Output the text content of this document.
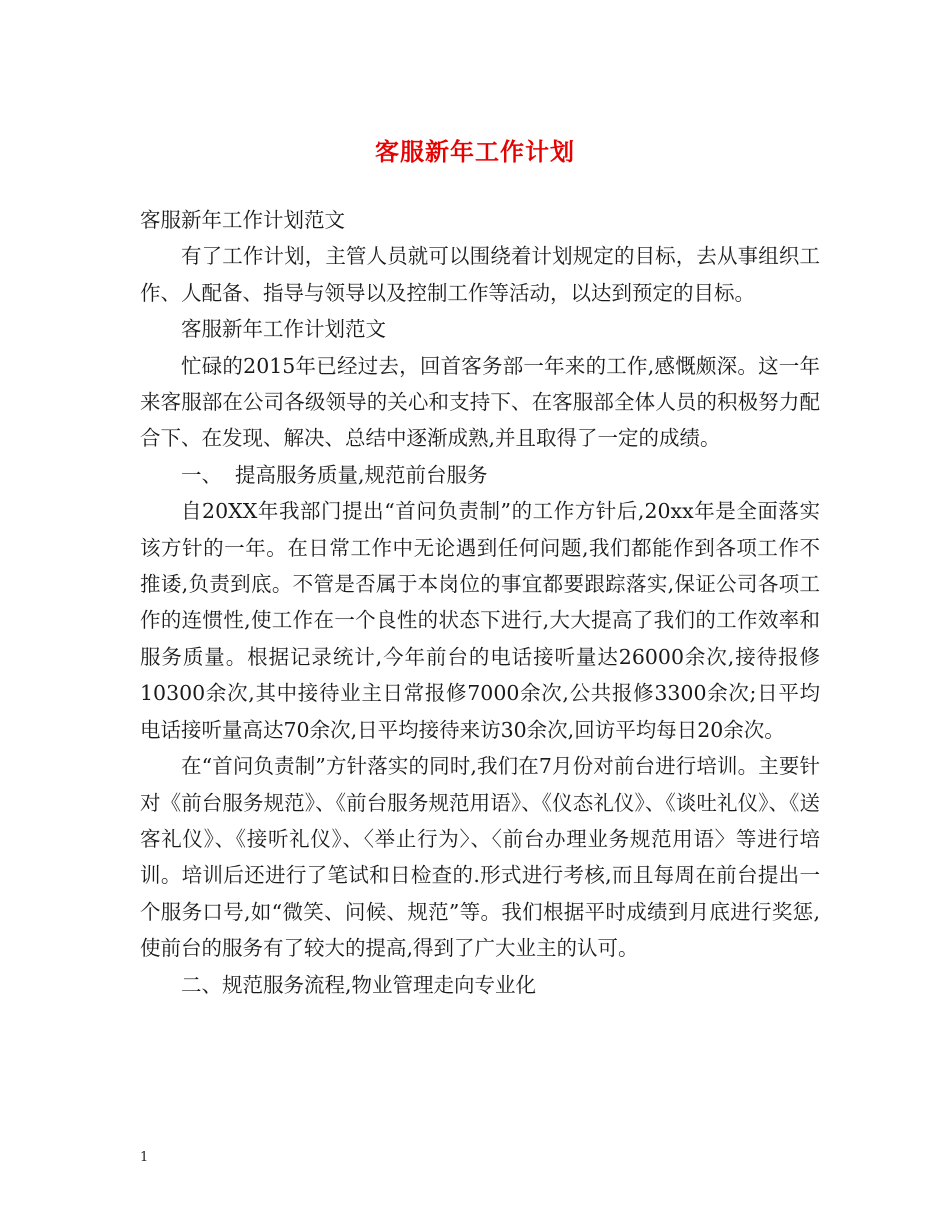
客服新年工作计划

客服新年工作计划范文

有了工作计划，主管人员就可以围绕着计划规定的目标，去从事组织工作、人配备、指导与领导以及控制工作等活动，以达到预定的目标。

客服新年工作计划范文

忙碌的2015年已经过去，回首客务部一年来的工作,感慨颇深。这一年来客服部在公司各级领导的关心和支持下、在客服部全体人员的积极努力配合下、在发现、解决、总结中逐渐成熟,并且取得了一定的成绩。

一、  提高服务质量,规范前台服务

自20XX年我部门提出“首问负责制”的工作方针后,20xx年是全面落实该方针的一年。在日常工作中无论遇到任何问题,我们都能作到各项工作不推诿,负责到底。不管是否属于本岗位的事宜都要跟踪落实,保证公司各项工作的连惯性,使工作在一个良性的状态下进行,大大提高了我们的工作效率和服务质量。根据记录统计,今年前台的电话接听量达26000余次,接待报修10300余次,其中接待业主日常报修7000余次,公共报修3300余次;日平均电话接听量高达70余次,日平均接待来访30余次,回访平均每日20余次。

在“首问负责制”方针落实的同时,我们在7月份对前台进行培训。主要针对《前台服务规范》、《前台服务规范用语》、《仪态礼仪》、《谈吐礼仪》、《送客礼仪》、《接听礼仪》、〈举止行为〉、〈前台办理业务规范用语〉等进行培训。培训后还进行了笔试和日检查的.形式进行考核,而且每周在前台提出一个服务口号,如“微笑、问候、规范”等。我们根据平时成绩到月底进行奖惩,使前台的服务有了较大的提高,得到了广大业主的认可。

二、规范服务流程,物业管理走向专业化

1
